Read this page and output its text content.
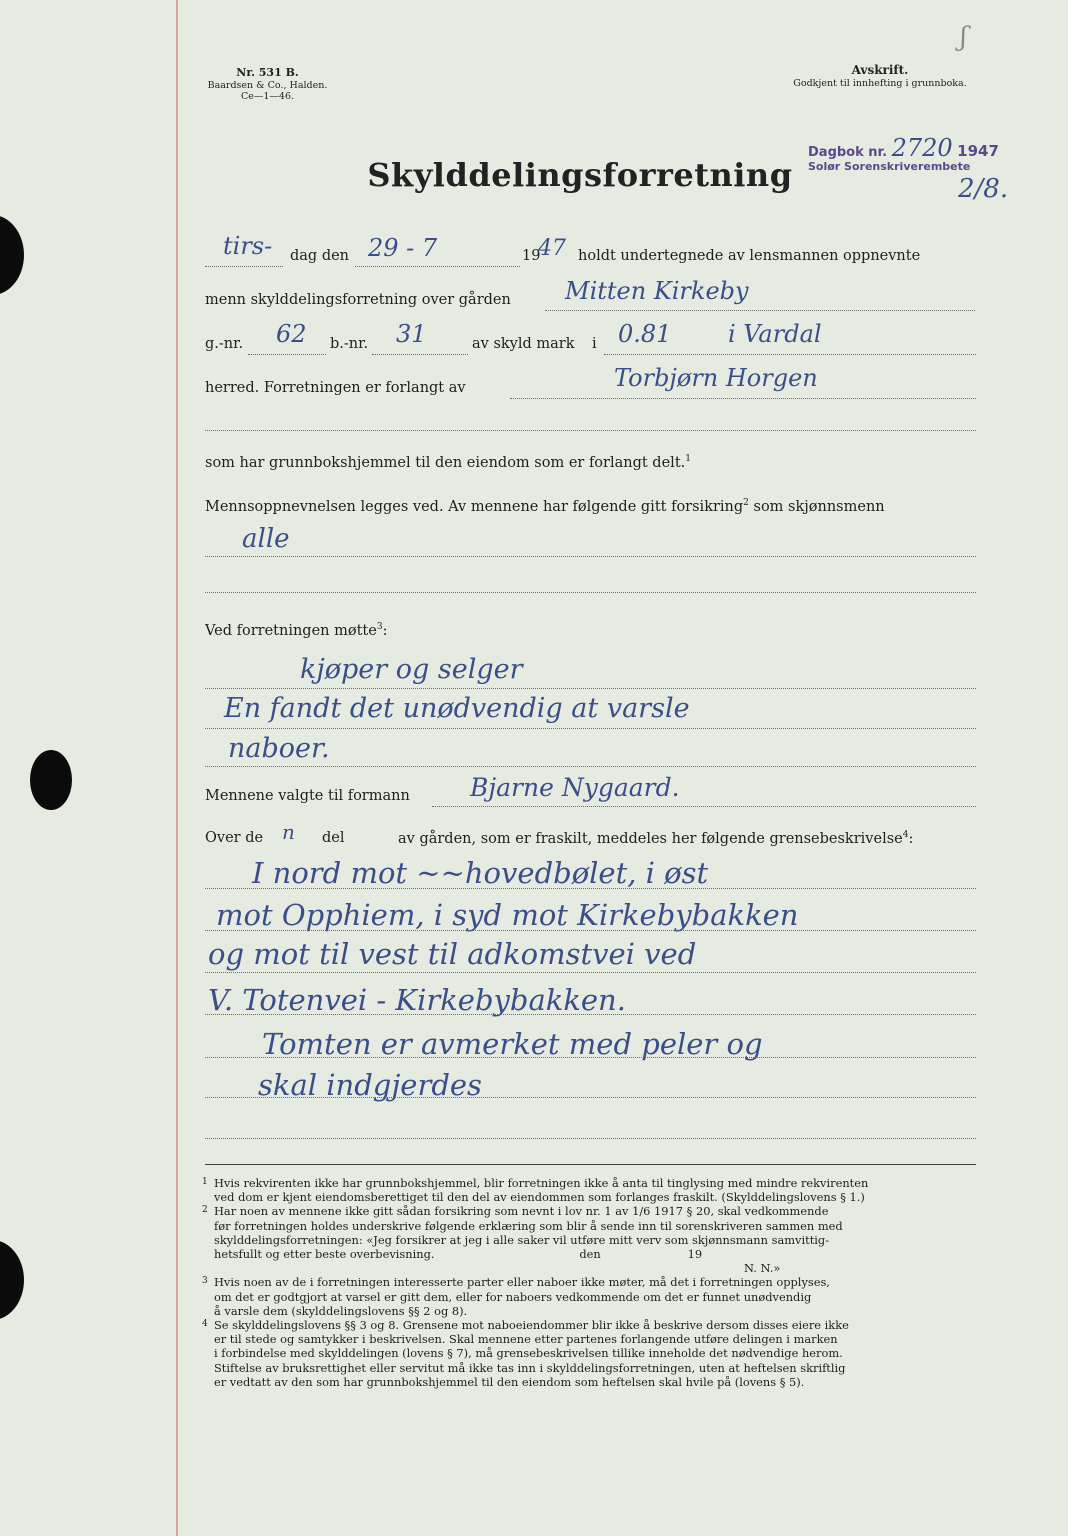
ʃ
Nr. 531 B.
Baardsen & Co., Halden.
Ce—1—46.
Avskrift.
Godkjent til innhefting i grunnboka.
Dagbok nr. 2720 1947
Solør Sorenskriverembete
2/8.
Skylddelingsforretning
tirs- dag den 29 - 7	19
47 holdt undertegnede av lensmannen oppnevnte
menn skylddelingsforretning over gården Mitten Kirkeby
g.-nr. 62 b.-nr. 31	av skyld mark i 0.81 i Vardal
herred. Forretningen er forlangt av	Torbjørn Horgen
som har grunnbokshjemmel til den eiendom som er forlangt delt.$^1$
Mennsoppnevnelsen legges ved. Av mennene har følgende gitt forsikring$^2$ som skjønnsmenn
alle
Ved forretningen møtte$^3$:
kjøper og selger
En fandt det unødvendig at varsle
naboer.
Mennene valgte til formann Bjarne Nygaard.
Over de n del	av gården, som er fraskilt, meddeles her følgende grensebeskrivelse$^4$:
I nord mot ~~hovedbølet, i øst
mot Opphiem, i syd mot Kirkebybakken
og mot til vest til adkomstvei ved
V. Totenvei - Kirkebybakken.
Tomten er avmerket med peler og
skal indgjerdes
1 Hvis rekvirenten ikke har grunnbokshjemmel, blir forretningen ikke å anta til tinglysing med mindre rekvirenten
ved dom er kjent eiendomsberettiget til den del av eiendommen som forlanges fraskilt. (Skylddelingslovens § 1.)
2 Har noen av mennene ikke gitt sådan forsikring som nevnt i lov nr. 1 av 1/6 1917 § 20, skal vedkommende
før forretningen holdes underskrive følgende erklæring som blir å sende inn til sorenskriveren sammen med
skylddelingsforretningen: «Jeg forsikrer at jeg i alle saker vil utføre mitt verv som skjønnsmann samvittig-
hetsfullt og etter beste overbevisning.                                        den                        19
N. N.»
3 Hvis noen av de i forretningen interesserte parter eller naboer ikke møter, må det i forretningen opplyses,
om det er godtgjort at varsel er gitt dem, eller for naboers vedkommende om det er funnet unødvendig
å varsle dem (skylddelingslovens §§ 2 og 8).
4 Se skylddelingslovens §§ 3 og 8. Grensene mot naboeiendommer blir ikke å beskrive dersom disses eiere ikke
er til stede og samtykker i beskrivelsen. Skal mennene etter partenes forlangende utføre delingen i marken
i forbindelse med skylddelingen (lovens § 7), må grensebeskrivelsen tillike inneholde det nødvendige herom.
Stiftelse av bruksrettighet eller servitut må ikke tas inn i skylddelingsforretningen, uten at heftelsen skriftlig
er vedtatt av den som har grunnbokshjemmel til den eiendom som heftelsen skal hvile på (lovens § 5).
